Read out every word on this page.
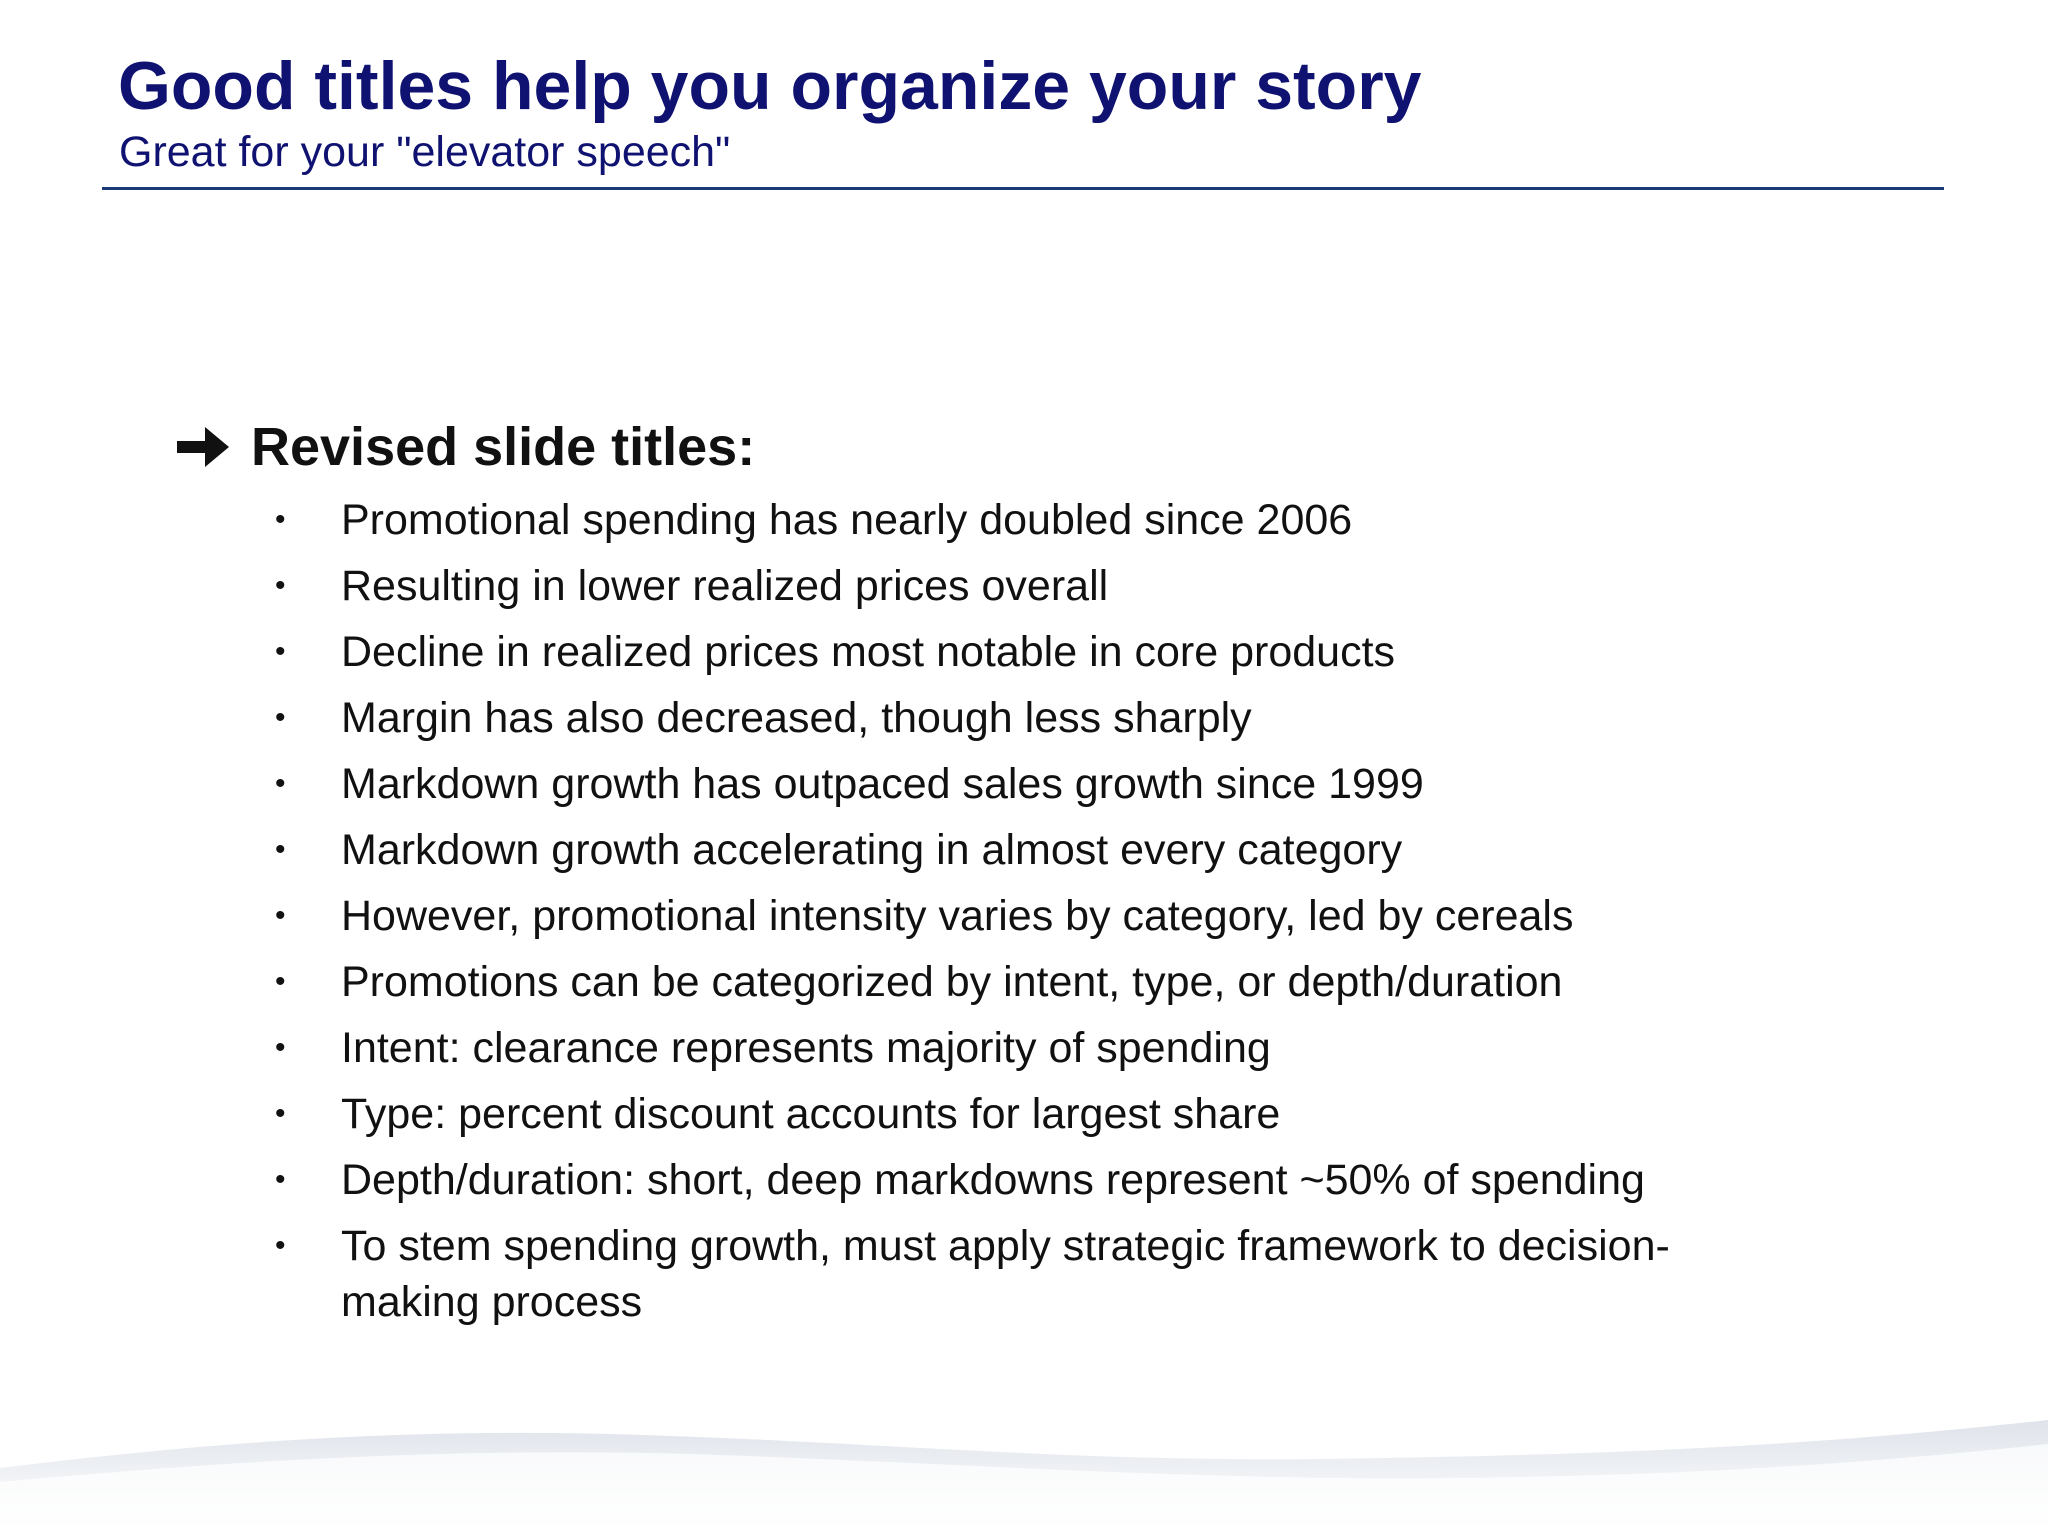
Good titles help you organize your story

Great for your "elevator speech"

Revised slide titles:
•	Promotional spending has nearly doubled since 2006
•	Resulting in lower realized prices overall
•	Decline in realized prices most notable in core products
•	Margin has also decreased, though less sharply
•	Markdown growth has outpaced sales growth since 1999
•	Markdown growth accelerating in almost every category
•	However, promotional intensity varies by category, led by cereals
•	Promotions can be categorized by intent, type, or depth/duration
•	Intent: clearance represents majority of spending
•	Type: percent discount accounts for largest share
•	Depth/duration: short, deep markdowns represent ~50% of spending
•	To stem spending growth, must apply strategic framework to decision-making process
